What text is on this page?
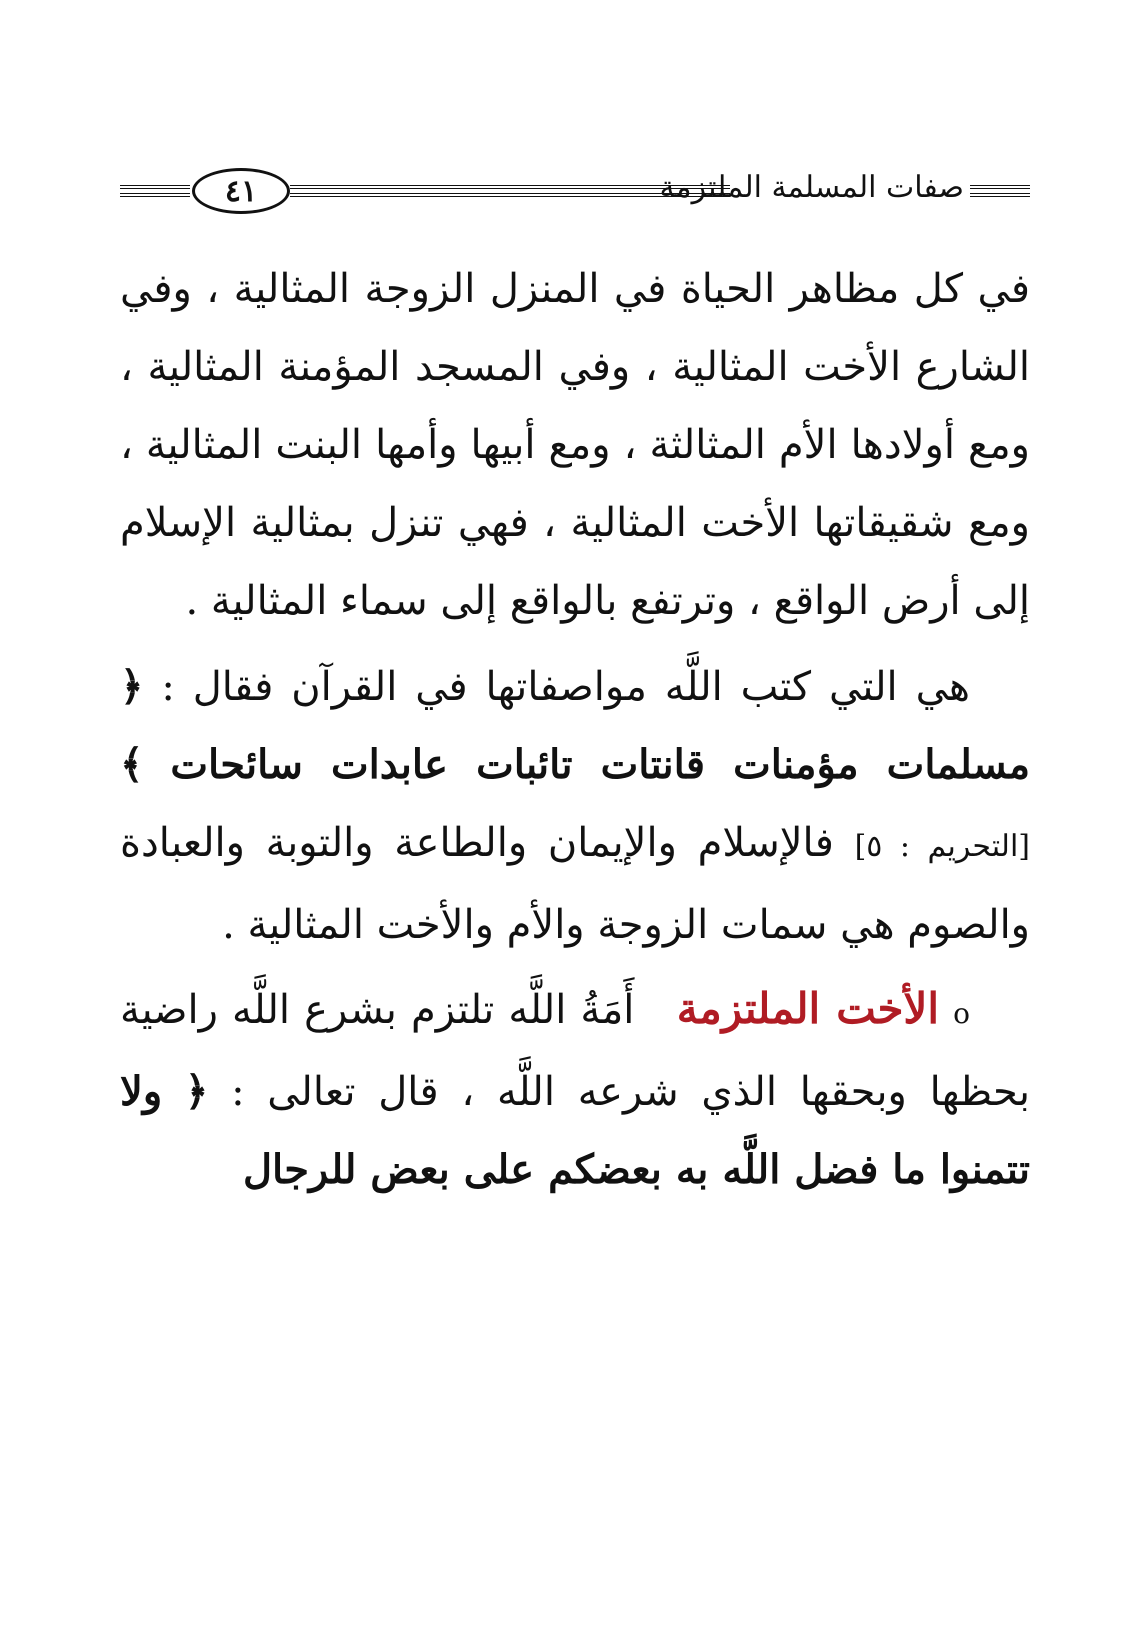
٤١	صفات المسلمة الملتزمة

في كل مظاهر الحياة في المنزل الزوجة المثالية ، وفي الشارع الأخت المثالية ، وفي المسجد المؤمنة المثالية ، ومع أولادها الأم المثالثة ، ومع أبيها وأمها البنت المثالية ، ومع شقيقاتها الأخت المثالية ، فهي تنزل بمثالية الإسلام إلى أرض الواقع ، وترتفع بالواقع إلى سماء المثالية .

هي التي كتب اللَّه مواصفاتها في القرآن فقال : ﴿ مسلمات مؤمنات قانتات تائبات عابدات سائحات ﴾ [التحريم : ٥] فالإسلام والإيمان والطاعة والتوبة والعبادة والصوم هي سمات الزوجة والأم والأخت المثالية .

ο الأخت الملتزمة   أَمَةُ اللَّه تلتزم بشرع اللَّه راضية بحظها وبحقها الذي شرعه اللَّه ، قال تعالى : ﴿ ولا تتمنوا ما فضل اللَّه به بعضكم على بعض للرجال
